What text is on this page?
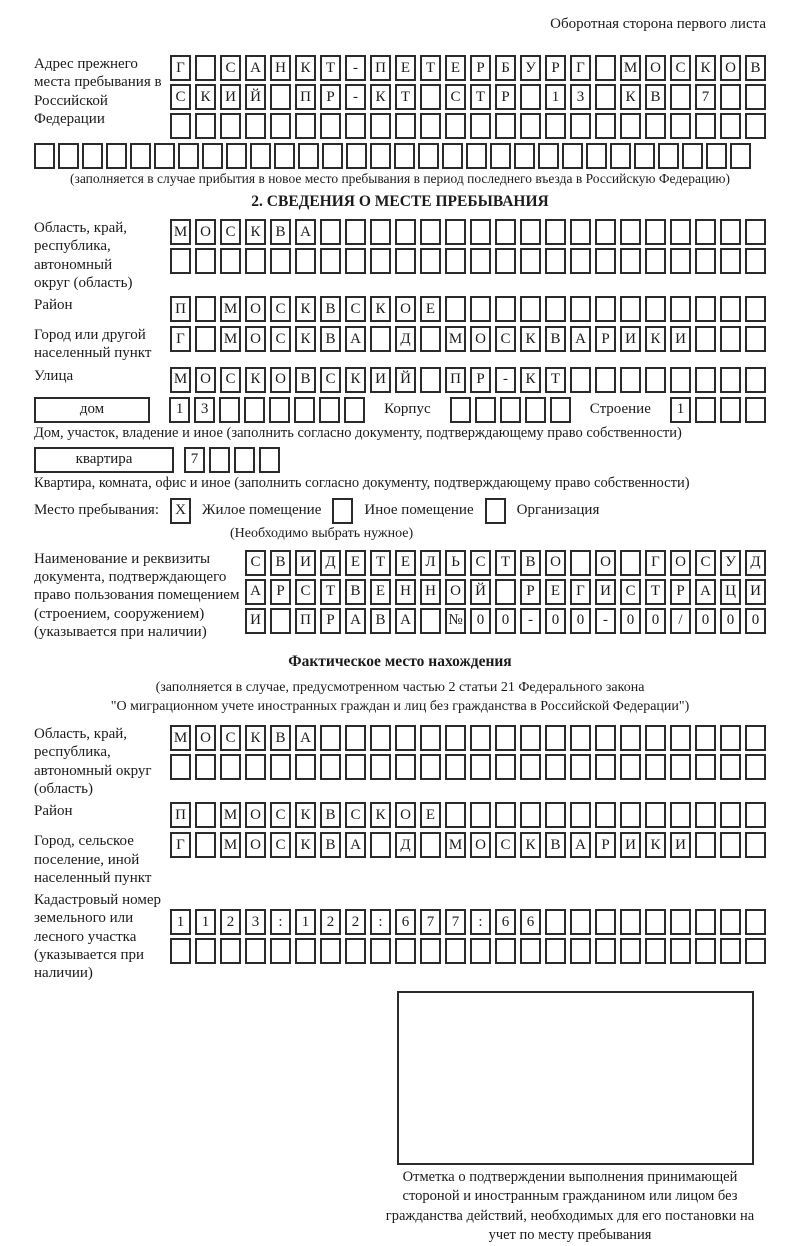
Оборотная сторона первого листа
Адрес прежнего места пребывания в Российской Федерации
Г	С А Н К	Т	-	П Е	Т	Е	Р	Б	У	Р	Г	М О С К О В
С К И Й	П	Р	-	К	Т	С	Т	Р	1	3	К В	7
(заполняется в случае прибытия в новое место пребывания в период последнего въезда в Российскую Федерацию)
2. СВЕДЕНИЯ О МЕСТЕ ПРЕБЫВАНИЯ
Область, край, республика, автономный округ (область)
М О С К В А
Район	П	М О С К В С К О Е
Город или другой населенный пункт
Г	М О С К В А	Д	М О С К В А	Р	И К И
Улица	М О С К О В С К И Й	П	Р	-	К	Т
дом	1	3	Корпус	Строение	1
Дом, участок, владение и иное (заполнить согласно документу, подтверждающему право собственности)
квартира	7
Квартира, комната, офис и иное (заполнить согласно документу, подтверждающему право собственности)
Место пребывания:	X	Жилое помещение	Иное помещение	Организация
(Необходимо выбрать нужное)
Наименование и реквизиты документа, подтверждающего право пользования помещением (строением, сооружением) (указывается при наличии)
С В И Д	Е	Т	Е	Л	Ь	С	Т	В О	О	Г	О С У Д
А	Р	С	Т	В	Е	Н Н О Й	Р	Е	Г	И С	Т	Р	А Ц И
И	П	Р	А В А	№ 0	0	-	0	0	-	0	0	/	0	0	0
Фактическое место нахождения
(заполняется в случае, предусмотренном частью 2 статьи 21 Федерального закона
"О миграционном учете иностранных граждан и лиц без гражданства в Российской Федерации")
Область, край, республика, автономный округ (область)
М О С К В А
Район	П	М О С К В С К О Е
Город, сельское поселение, иной населенный пункт
Г	М О С К В А	Д	М О С К В А	Р	И К И
Кадастровый номер земельного или лесного участка (указывается при наличии)
1	1	2	3	:	1	2	2	:	6	7	7	:	6	6
Отметка о подтверждении выполнения принимающей стороной и иностранным гражданином или лицом без гражданства действий, необходимых для его постановки на учет по месту пребывания
